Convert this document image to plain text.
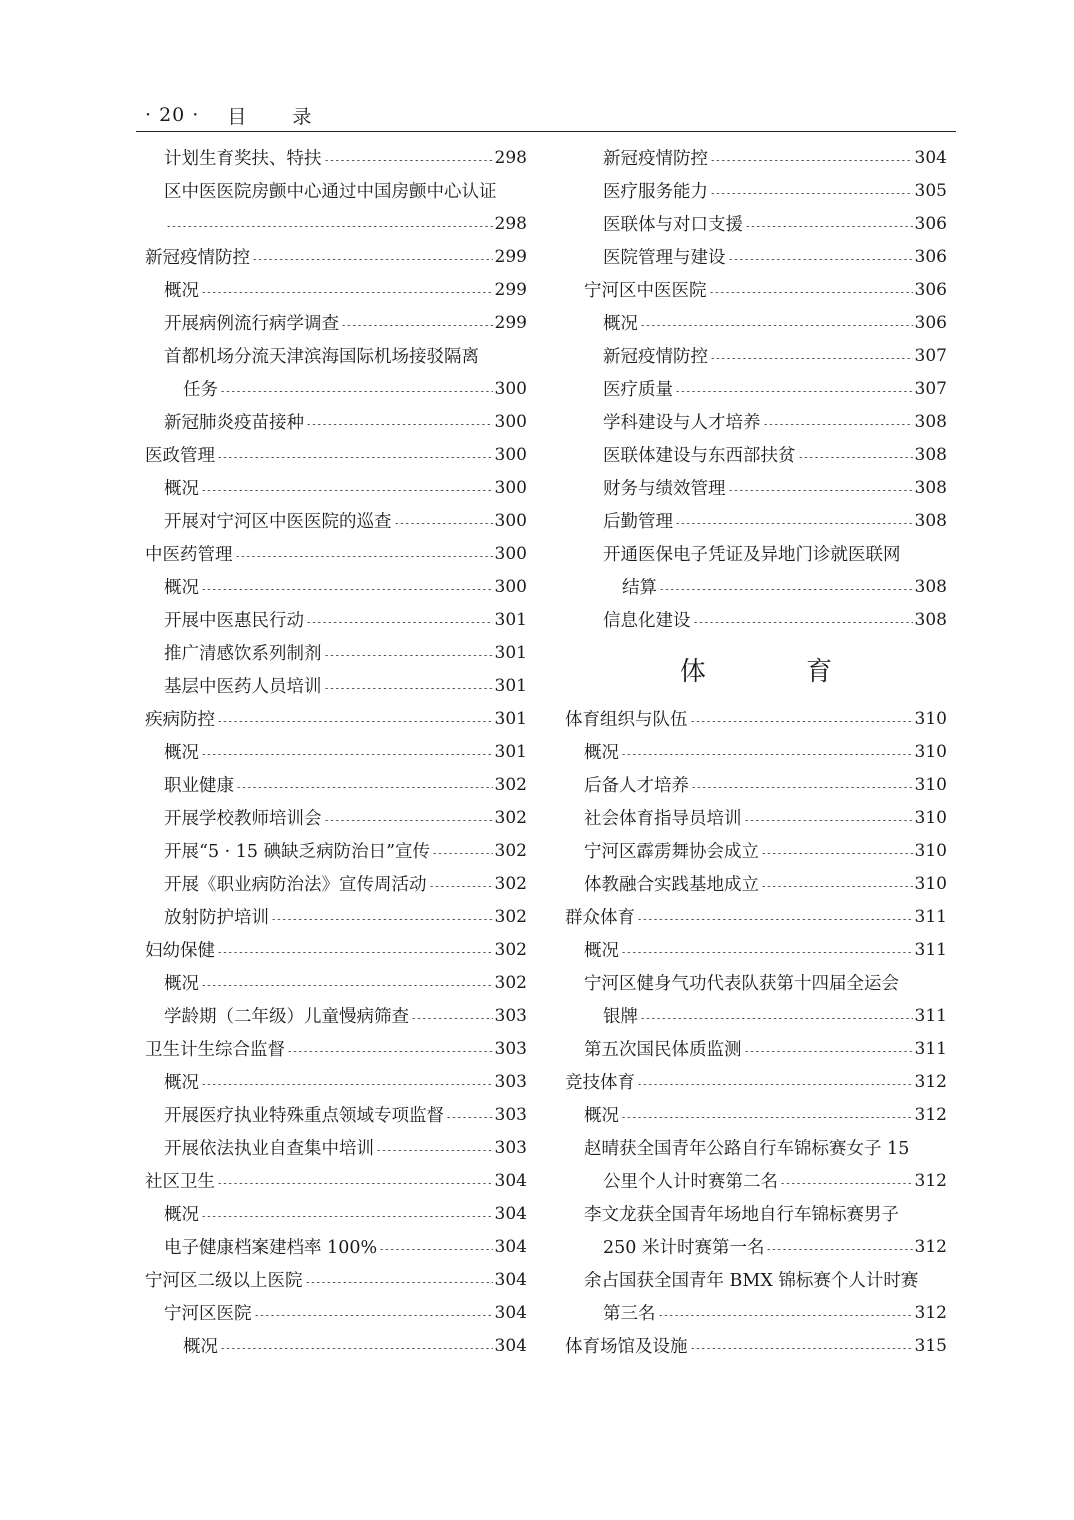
· 20 · 目 录
计划生育奖扶、特扶	298
区中医医院房颤中心通过中国房颤中心认证
298
新冠疫情防控	299
概况	299
开展病例流行病学调查	299
首都机场分流天津滨海国际机场接驳隔离
任务	300
新冠肺炎疫苗接种	300
医政管理	300
概况	300
开展对宁河区中医医院的巡查	300
中医药管理	300
概况	300
开展中医惠民行动	301
推广清感饮系列制剂	301
基层中医药人员培训	301
疾病防控	301
概况	301
职业健康	302
开展学校教师培训会	302
开展“5 · 15 碘缺乏病防治日”宣传	302
开展《职业病防治法》宣传周活动	302
放射防护培训	302
妇幼保健	302
概况	302
学龄期（二年级）儿童慢病筛查	303
卫生计生综合监督	303
概况	303
开展医疗执业特殊重点领域专项监督	303
开展依法执业自查集中培训	303
社区卫生	304
概况	304
电子健康档案建档率 100%	304
宁河区二级以上医院	304
宁河区医院	304
概况	304
新冠疫情防控	304
医疗服务能力	305
医联体与对口支援	306
医院管理与建设	306
宁河区中医医院	306
概况	306
新冠疫情防控	307
医疗质量	307
学科建设与人才培养	308
医联体建设与东西部扶贫	308
财务与绩效管理	308
后勤管理	308
开通医保电子凭证及异地门诊就医联网
结算	308
信息化建设	308
体 育
体育组织与队伍	310
概况	310
后备人才培养	310
社会体育指导员培训	310
宁河区霹雳舞协会成立	310
体教融合实践基地成立	310
群众体育	311
概况	311
宁河区健身气功代表队获第十四届全运会
银牌	311
第五次国民体质监测	311
竞技体育	312
概况	312
赵晴获全国青年公路自行车锦标赛女子 15
公里个人计时赛第二名	312
李文龙获全国青年场地自行车锦标赛男子
250 米计时赛第一名	312
余占国获全国青年 BMX 锦标赛个人计时赛
第三名	312
体育场馆及设施	315
